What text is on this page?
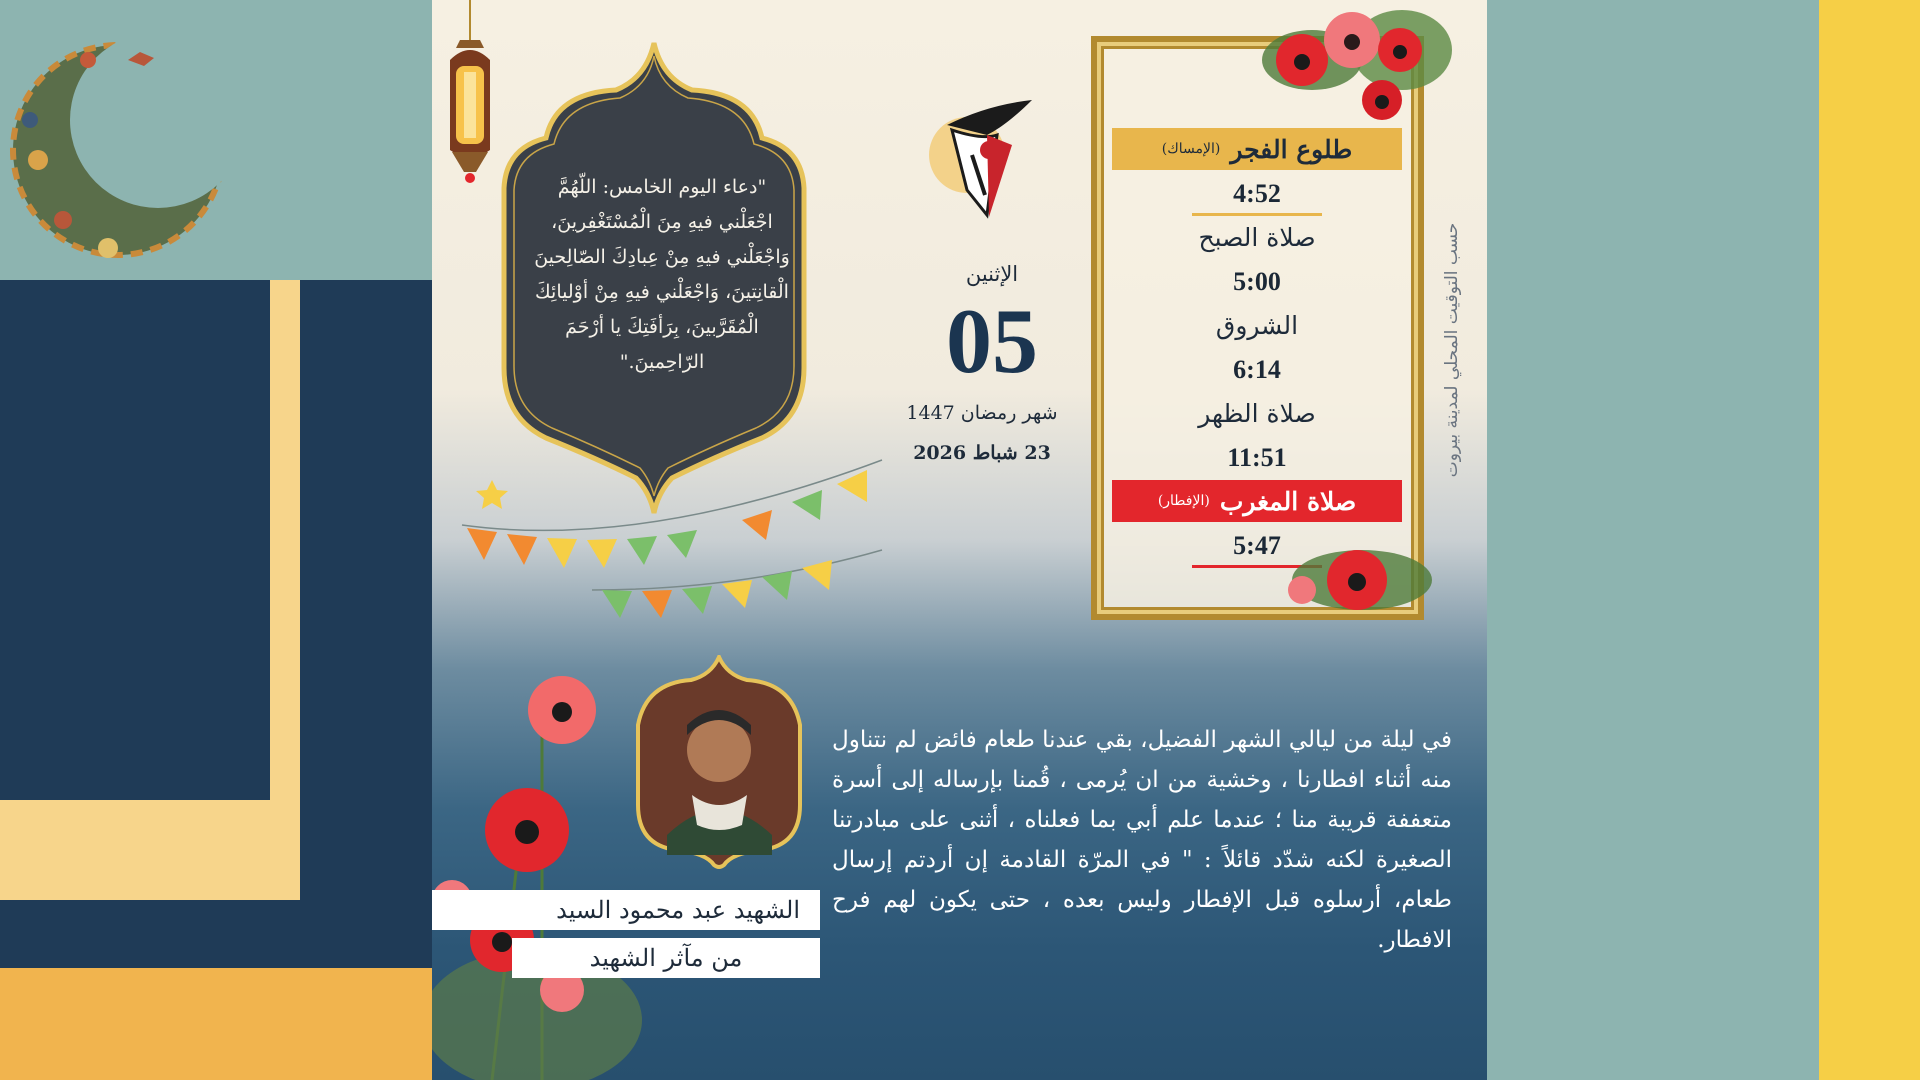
"دعاء اليوم الخامس: اللّهُمَّ اجْعَلْني فيهِ مِنَ الْمُسْتَغْفِرينَ، وَاجْعَلْني فيهِ مِنْ عِبادِكَ الصّالِحينَ الْقانِتينَ، وَاجْعَلْني فيهِ مِنْ أوْليائِكَ الْمُقَرَّبينَ، بِرَأفَتِكَ يا أرْحَمَ الرّاحِمينَ."
الإثنين
05
شهر رمضان 1447
23 شباط 2026
طلوع الفجر
(الإمساك)
4:52
صلاة الصبح
5:00
الشروق
6:14
صلاة الظهر
11:51
صلاة المغرب
(الإفطار)
5:47
حسب التوقيت المحلي لمدينة بيروت
الشهيد عبد محمود السيد
من مآثر الشهيد
في ليلة من ليالي الشهر الفضيل، بقي عندنا طعام فائض لم نتناول منه أثناء افطارنا ، وخشية من ان يُرمى ، قُمنا بإرساله إلى أسرة متعففة قريبة منا ؛ عندما علم أبي بما فعلناه ، أثنى على مبادرتنا الصغيرة لكنه شدّد قائلاً : " في المرّة القادمة إن أردتم إرسال طعام، أرسلوه قبل الإفطار وليس بعده ، حتى يكون لهم فرح الافطار.
